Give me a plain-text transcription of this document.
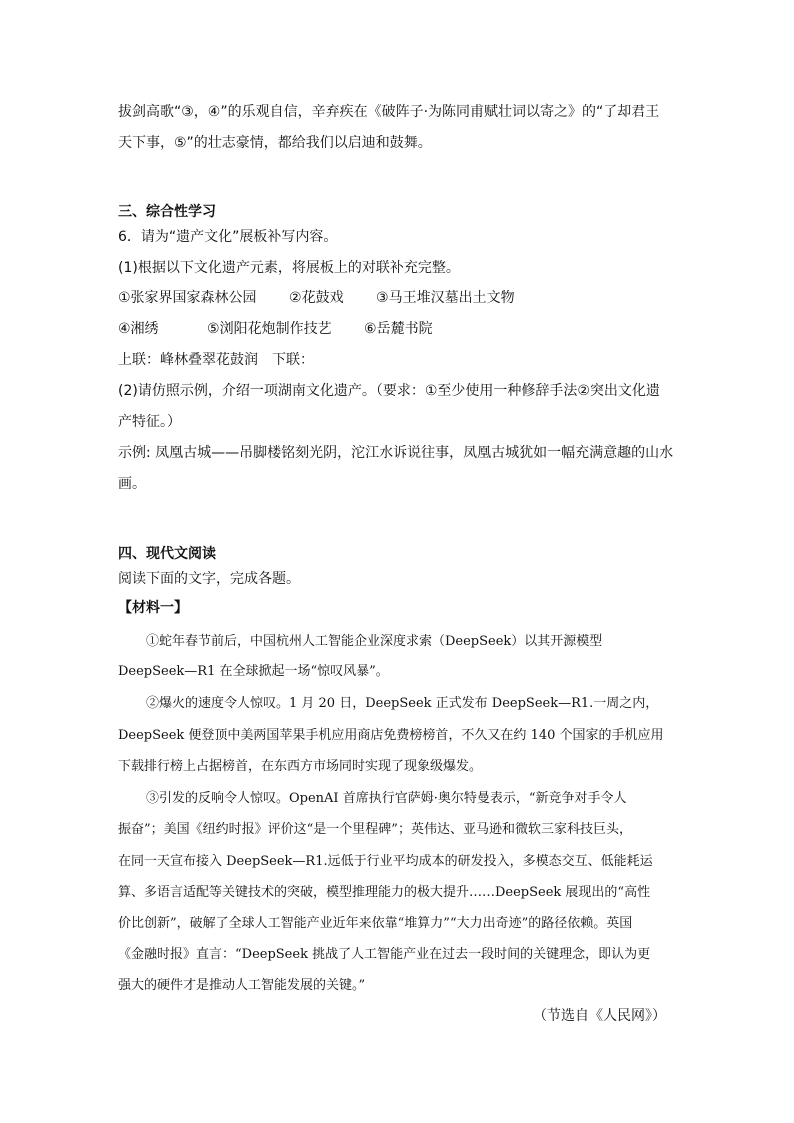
拔剑高歌“③，④”的乐观自信，辛弃疾在《破阵子·为陈同甫赋壮词以寄之》的“了却君王
天下事，⑤”的壮志豪情，都给我们以启迪和鼓舞。
三、综合性学习
6．请为“遗产文化”展板补写内容。
(1)根据以下文化遗产元素，将展板上的对联补充完整。
①张家界国家森林公园 ②花鼓戏 ③马王堆汉墓出土文物
④湘绣	⑤浏阳花炮制作技艺 ⑥岳麓书院
上联：峰林叠翠花鼓润　下联：
(2)请仿照示例，介绍一项湖南文化遗产。（要求：①至少使用一种修辞手法②突出文化遗
产特征。）
示例: 凤凰古城——吊脚楼铭刻光阴，沱江水诉说往事，凤凰古城犹如一幅充满意趣的山水
画。
四、现代文阅读
阅读下面的文字，完成各题。
【材料一】
①蛇年春节前后，中国杭州人工智能企业深度求索（DeepSeek）以其开源模型
DeepSeek—R1 在全球掀起一场“惊叹风暴”。
②爆火的速度令人惊叹。1 月 20 日，DeepSeek 正式发布 DeepSeek—R1.一周之内，
DeepSeek 便登顶中美两国苹果手机应用商店免费榜榜首，不久又在约 140 个国家的手机应用
下载排行榜上占据榜首，在东西方市场同时实现了现象级爆发。
③引发的反响令人惊叹。OpenAI 首席执行官萨姆·奥尔特曼表示，“新竞争对手令人
振奋”；美国《纽约时报》评价这“是一个里程碑”；英伟达、亚马逊和微软三家科技巨头，
在同一天宣布接入 DeepSeek—R1.远低于行业平均成本的研发投入，多模态交互、低能耗运
算、多语言适配等关键技术的突破，模型推理能力的极大提升……DeepSeek 展现出的“高性
价比创新”，破解了全球人工智能产业近年来依靠“堆算力”“大力出奇迹”的路径依赖。英国
《金融时报》直言：“DeepSeek 挑战了人工智能产业在过去一段时间的关键理念，即认为更
强大的硬件才是推动人工智能发展的关键。”
（节选自《人民网》）
